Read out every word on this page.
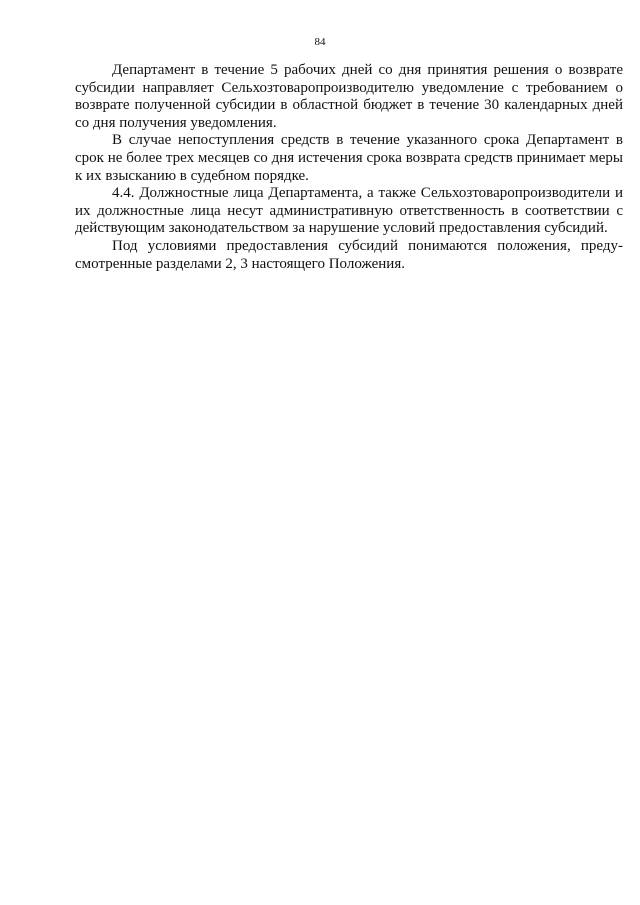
84

Департамент в течение 5 рабочих дней со дня принятия решения о возврате субсидии направляет Сельхозтоваропроизводителю уведомление с требованием о возврате полученной субсидии в областной бюджет в течение 30 календарных дней со дня получения уведомления.

В случае непоступления средств в течение указанного срока Департамент в срок не более трех месяцев со дня истечения срока возврата средств принимает меры к их взысканию в судебном порядке.

4.4. Должностные лица Департамента, а также Сельхозтоваропроизводители и их должностные лица несут административную ответственность в соответствии с действующим законодательством за нарушение условий предоставления субсидий.

Под условиями предоставления субсидий понимаются положения, предусмотренные разделами 2, 3 настоящего Положения.
